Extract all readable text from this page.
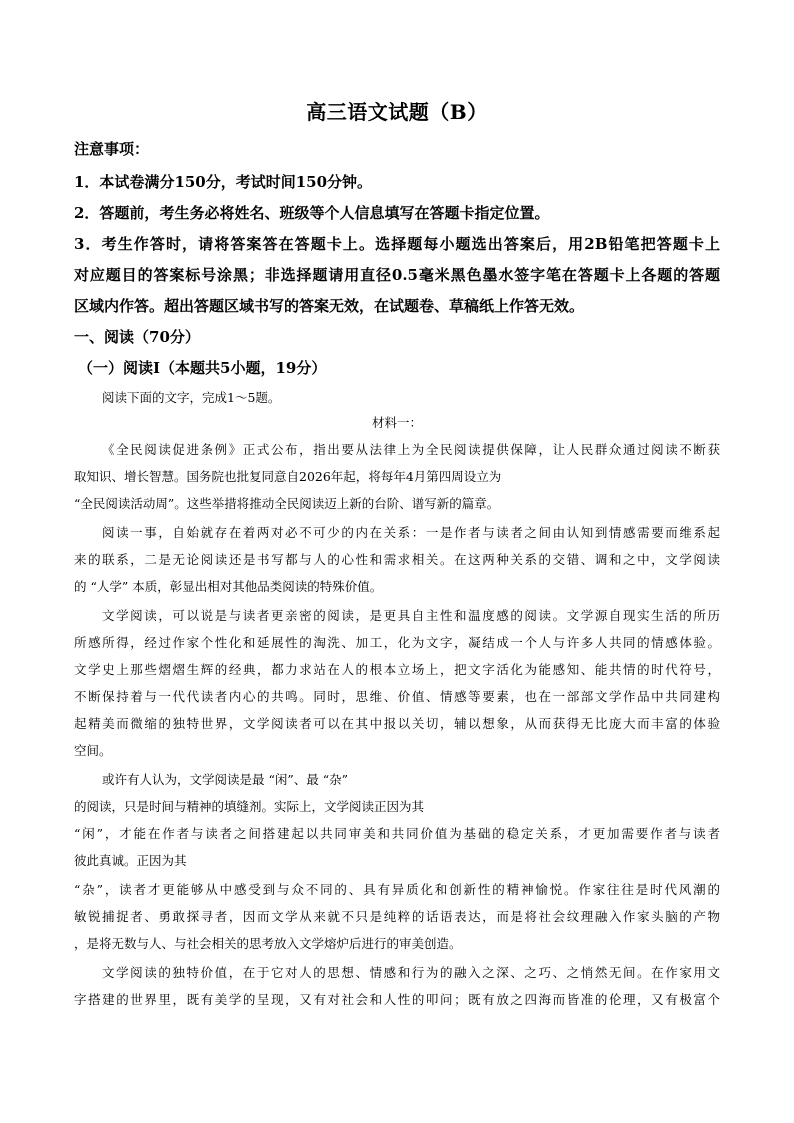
高三语文试题（B）
注意事项：
1．本试卷满分150分，考试时间150分钟。
2．答题前，考生务必将姓名、班级等个人信息填写在答题卡指定位置。
3．考生作答时，请将答案答在答题卡上。选择题每小题选出答案后，用2B铅笔把答题卡上
对应题目的答案标号涂黑；非选择题请用直径0.5毫米黑色墨水签字笔在答题卡上各题的答题
区域内作答。超出答题区域书写的答案无效，在试题卷、草稿纸上作答无效。
一、阅读（70分）
（一）阅读Ⅰ（本题共5小题，19分）
阅读下面的文字，完成1～5题。
材料一：
《全民阅读促进条例》正式公布，指出要从法律上为全民阅读提供保障，让人民群众通过阅读不断获
取知识、增长智慧。国务院也批复同意自2026年起，将每年4月第四周设立为
“全民阅读活动周”。这些举措将推动全民阅读迈上新的台阶、谱写新的篇章。
阅读一事，自始就存在着两对必不可少的内在关系：一是作者与读者之间由认知到情感需要而维系起
来的联系，二是无论阅读还是书写都与人的心性和需求相关。在这两种关系的交错、调和之中，文学阅读
的 “人学” 本质，彰显出相对其他品类阅读的特殊价值。
文学阅读，可以说是与读者更亲密的阅读，是更具自主性和温度感的阅读。文学源自现实生活的所历
所感所得，经过作家个性化和延展性的淘洗、加工，化为文字，凝结成一个人与许多人共同的情感体验。
文学史上那些熠熠生辉的经典，都力求站在人的根本立场上，把文字活化为能感知、能共情的时代符号，
不断保持着与一代代读者内心的共鸣。同时，思维、价值、情感等要素，也在一部部文学作品中共同建构
起精美而微缩的独特世界，文学阅读者可以在其中报以关切，辅以想象，从而获得无比庞大而丰富的体验
空间。
或许有人认为，文学阅读是最 “闲”、最 “杂”
的阅读，只是时间与精神的填缝剂。实际上，文学阅读正因为其
“闲”，才能在作者与读者之间搭建起以共同审美和共同价值为基础的稳定关系，才更加需要作者与读者
彼此真诚。正因为其
“杂”，读者才更能够从中感受到与众不同的、具有异质化和创新性的精神愉悦。作家往往是时代风潮的
敏锐捕捉者、勇敢探寻者，因而文学从来就不只是纯粹的话语表达，而是将社会纹理融入作家头脑的产物
，是将无数与人、与社会相关的思考放入文学熔炉后进行的审美创造。
文学阅读的独特价值，在于它对人的思想、情感和行为的融入之深、之巧、之悄然无间。在作家用文
字搭建的世界里，既有美学的呈现，又有对社会和人性的叩问；既有放之四海而皆准的伦理，又有极富个
